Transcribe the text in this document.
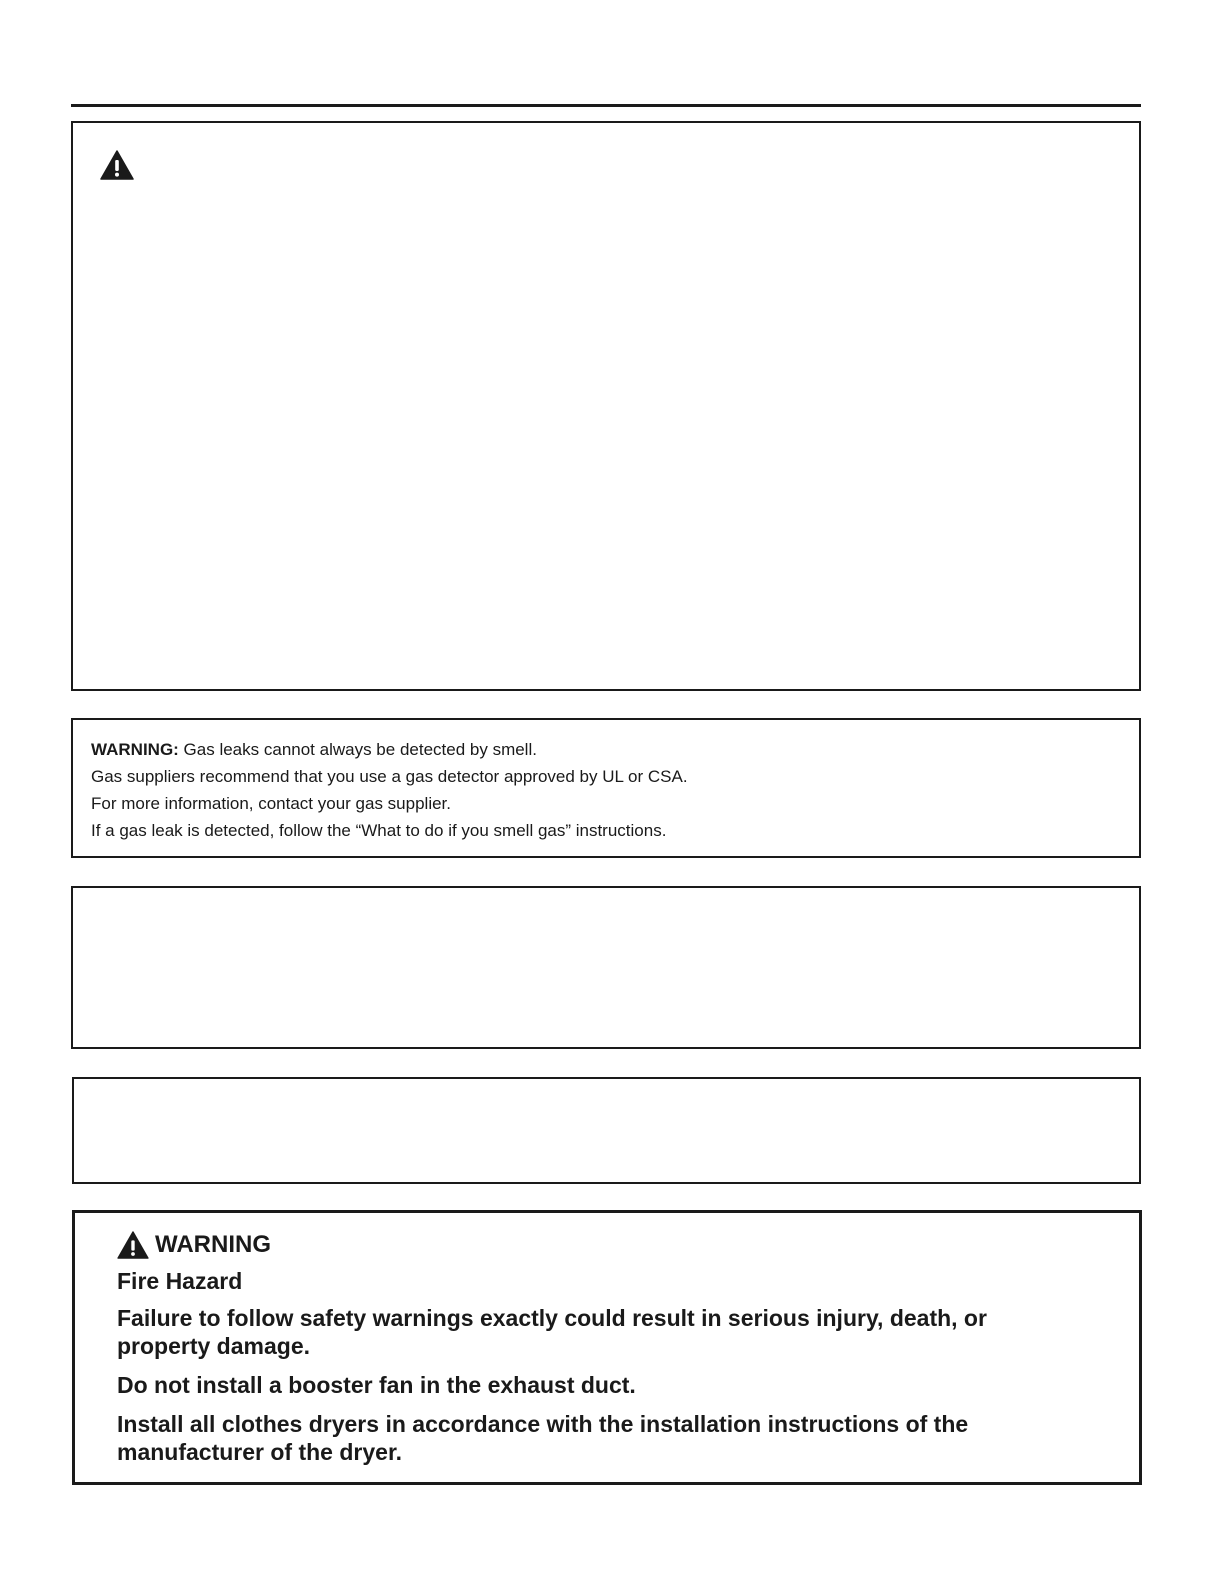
WARNING: Gas leaks cannot always be detected by smell.
Gas suppliers recommend that you use a gas detector approved by UL or CSA.
For more information, contact your gas supplier.
If a gas leak is detected, follow the “What to do if you smell gas” instructions.
WARNING
Fire Hazard

Failure to follow safety warnings exactly could result in serious injury, death, or property damage.

Do not install a booster fan in the exhaust duct.

Install all clothes dryers in accordance with the installation instructions of the manufacturer of the dryer.
